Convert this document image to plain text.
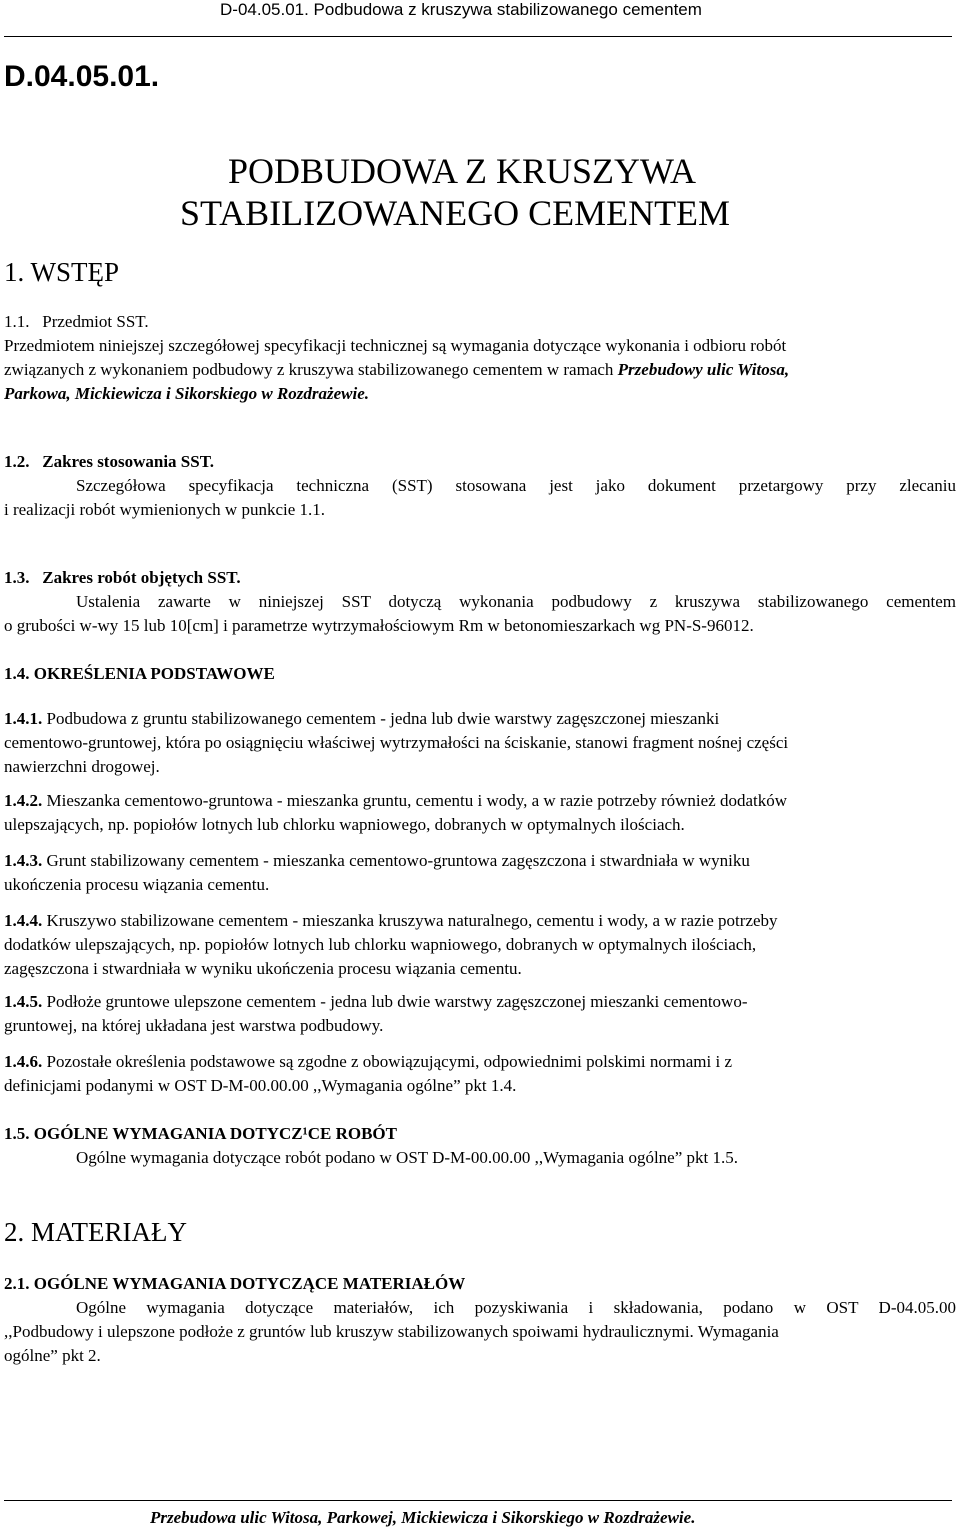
D-04.05.01. Podbudowa z kruszywa stabilizowanego cementem
D.04.05.01.
PODBUDOWA Z KRUSZYWA
STABILIZOWANEGO CEMENTEM
1. WSTĘP

1.1.   Przedmiot SST.

Przedmiotem niniejszej szczegółowej specyfikacji technicznej są wymagania dotyczące wykonania i odbioru robót

związanych z wykonaniem podbudowy z kruszywa stabilizowanego cementem w ramach Przebudowy ulic Witosa,

Parkowa, Mickiewicza i Sikorskiego w Rozdrażewie.

1.2.   Zakres stosowania SST.

Szczegółowa specyfikacja techniczna (SST) stosowana jest jako dokument przetargowy przy zlecaniu

i realizacji robót wymienionych w punkcie 1.1.

1.3.   Zakres robót objętych SST.

Ustalenia zawarte w niniejszej SST dotyczą wykonania podbudowy z kruszywa stabilizowanego cementem

o grubości w-wy 15 lub 10[cm] i parametrze wytrzymałościowym Rm w betonomieszarkach wg PN-S-96012.

1.4. OKREŚLENIA PODSTAWOWE

1.4.1. Podbudowa z gruntu stabilizowanego cementem - jedna lub dwie warstwy zagęszczonej mieszanki

cementowo-gruntowej, która po osiągnięciu właściwej wytrzymałości na ściskanie, stanowi fragment nośnej części

nawierzchni drogowej.

1.4.2. Mieszanka cementowo-gruntowa - mieszanka gruntu, cementu i wody, a w razie potrzeby również dodatków

ulepszających, np. popiołów lotnych lub chlorku wapniowego, dobranych w optymalnych ilościach.

1.4.3. Grunt stabilizowany cementem - mieszanka cementowo-gruntowa zagęszczona i stwardniała w wyniku

ukończenia procesu wiązania cementu.

1.4.4. Kruszywo stabilizowane cementem - mieszanka kruszywa naturalnego, cementu i wody, a w razie potrzeby

dodatków ulepszających, np. popiołów lotnych lub chlorku wapniowego, dobranych w optymalnych ilościach,

zagęszczona i stwardniała w wyniku ukończenia procesu wiązania cementu.

1.4.5. Podłoże gruntowe ulepszone cementem - jedna lub dwie warstwy zagęszczonej mieszanki cementowo-

gruntowej, na której układana jest warstwa podbudowy.

1.4.6. Pozostałe określenia podstawowe są zgodne z obowiązującymi, odpowiednimi polskimi normami i z

definicjami podanymi w OST D-M-00.00.00 ,,Wymagania ogólne” pkt 1.4.

1.5. OGÓLNE WYMAGANIA DOTYCZ¹CE ROBÓT

Ogólne wymagania dotyczące robót podano w OST D-M-00.00.00 ,,Wymagania ogólne” pkt 1.5.

2. MATERIAŁY

2.1. OGÓLNE WYMAGANIA DOTYCZĄCE MATERIAŁÓW

Ogólne wymagania dotyczące materiałów, ich pozyskiwania i składowania, podano w OST D-04.05.00

,,Podbudowy i ulepszone podłoże z gruntów lub kruszyw stabilizowanych spoiwami hydraulicznymi. Wymagania

ogólne” pkt 2.

Przebudowa ulic Witosa, Parkowej, Mickiewicza i Sikorskiego w Rozdrażewie.
